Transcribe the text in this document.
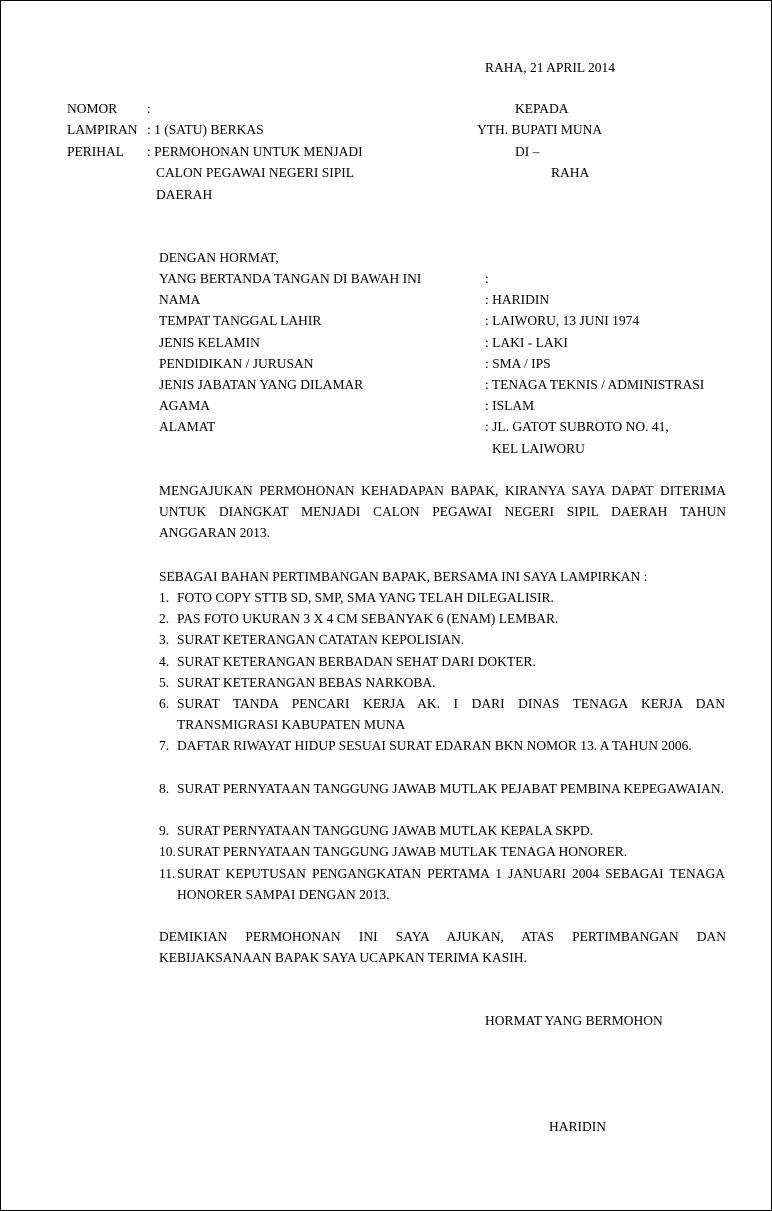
RAHA, 21 APRIL 2014
NOMOR :
LAMPIRAN : 1 (SATU) BERKAS
PERIHAL : PERMOHONAN UNTUK MENJADI
CALON PEGAWAI NEGERI SIPIL
DAERAH
KEPADA
YTH. BUPATI MUNA
DI –
RAHA
DENGAN HORMAT,
YANG BERTANDA TANGAN DI BAWAH INI	:
NAMA	: HARIDIN
TEMPAT TANGGAL LAHIR	: LAIWORU, 13 JUNI 1974
JENIS KELAMIN	: LAKI - LAKI
PENDIDIKAN / JURUSAN	: SMA / IPS
JENIS JABATAN YANG DILAMAR	: TENAGA TEKNIS / ADMINISTRASI
AGAMA	: ISLAM
ALAMAT	: JL. GATOT SUBROTO NO. 41,
KEL LAIWORU
MENGAJUKAN PERMOHONAN KEHADAPAN BAPAK, KIRANYA SAYA DAPAT DITERIMA UNTUK DIANGKAT MENJADI CALON PEGAWAI NEGERI SIPIL DAERAH TAHUN ANGGARAN 2013.
SEBAGAI BAHAN PERTIMBANGAN BAPAK, BERSAMA INI SAYA LAMPIRKAN :
1. FOTO COPY STTB SD, SMP, SMA YANG TELAH DILEGALISIR.
2. PAS FOTO UKURAN 3 X 4 CM SEBANYAK 6 (ENAM) LEMBAR.
3. SURAT KETERANGAN CATATAN KEPOLISIAN.
4. SURAT KETERANGAN BERBADAN SEHAT DARI DOKTER.
5. SURAT KETERANGAN BEBAS NARKOBA.
6. SURAT TANDA PENCARI KERJA AK. I DARI DINAS TENAGA KERJA DAN TRANSMIGRASI KABUPATEN MUNA
7. DAFTAR RIWAYAT HIDUP SESUAI SURAT EDARAN BKN NOMOR 13. A TAHUN 2006.
8. SURAT PERNYATAAN TANGGUNG JAWAB MUTLAK PEJABAT PEMBINA KEPEGAWAIAN.
9. SURAT PERNYATAAN TANGGUNG JAWAB MUTLAK KEPALA SKPD.
10. SURAT PERNYATAAN TANGGUNG JAWAB MUTLAK TENAGA HONORER.
11. SURAT KEPUTUSAN PENGANGKATAN PERTAMA 1 JANUARI 2004 SEBAGAI TENAGA HONORER SAMPAI DENGAN 2013.
DEMIKIAN PERMOHONAN INI SAYA AJUKAN, ATAS PERTIMBANGAN DAN KEBIJAKSANAAN BAPAK SAYA UCAPKAN TERIMA KASIH.
HORMAT YANG BERMOHON
HARIDIN
